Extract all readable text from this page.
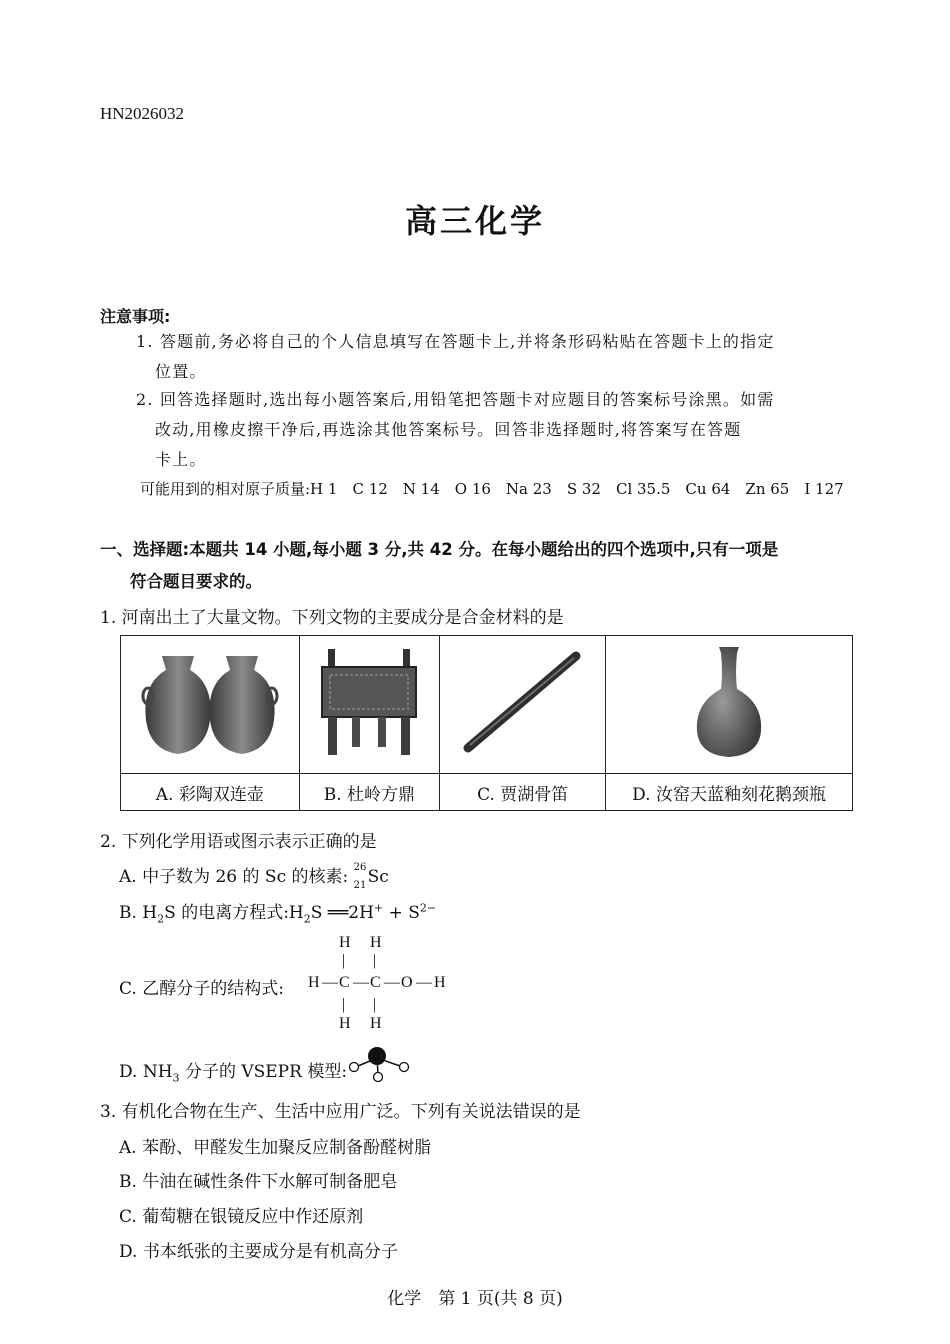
HN2026032
高三化学
注意事项:
1. 答题前,务必将自己的个人信息填写在答题卡上,并将条形码粘贴在答题卡上的指定
位置。
2. 回答选择题时,选出每小题答案后,用铅笔把答题卡对应题目的答案标号涂黑。如需
改动,用橡皮擦干净后,再选涂其他答案标号。回答非选择题时,将答案写在答题
卡上。
可能用到的相对原子质量:H 1　C 12　N 14　O 16　Na 23　S 32　Cl 35.5　Cu 64　Zn 65　I 127
一、选择题:本题共 14 小题,每小题 3 分,共 42 分。在每小题给出的四个选项中,只有一项是
符合题目要求的。
1. 河南出土了大量文物。下列文物的主要成分是合金材料的是

A. 彩陶双连壶	B. 杜岭方鼎	C. 贾湖骨笛	D. 汝窑天蓝釉刻花鹅颈瓶
2. 下列化学用语或图示表示正确的是
A. 中子数为 26 的 Sc 的核素: 26
21 Sc
B. $H_2S$ 的电离方程式$:H_2S$ ══2H+ + $S^{2-}$
C. 乙醇分子的结构式:
H H
| |
H — C — C — O — H
| |
H H
D. $NH_3$ 分子的 VSEPR 模型:
3. 有机化合物在生产、生活中应用广泛。下列有关说法错误的是
A. 苯酚、甲醛发生加聚反应制备酚醛树脂
B. 牛油在碱性条件下水解可制备肥皂
C. 葡萄糖在银镜反应中作还原剂
D. 书本纸张的主要成分是有机高分子
化学　第 1 页(共 8 页)
